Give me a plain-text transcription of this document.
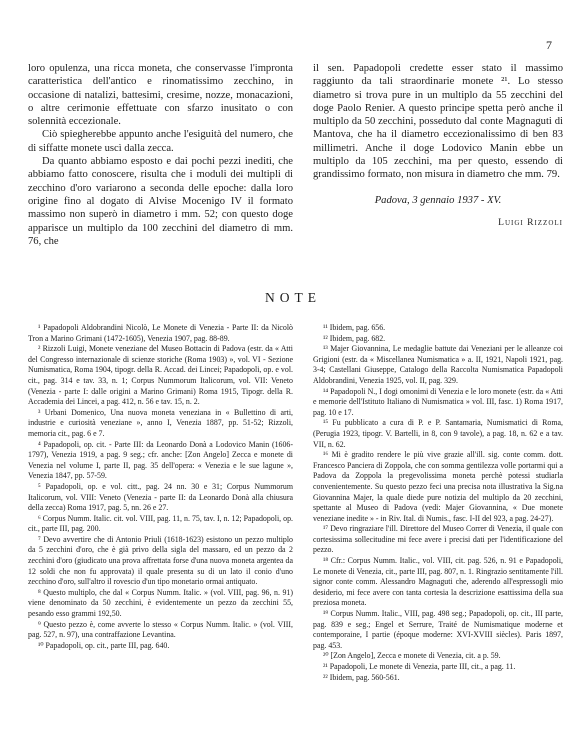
7

loro opulenza, una ricca moneta, che conservasse l'impronta caratteristica dell'antico e rinomatissimo zecchino, in occasione di natalizi, battesimi, cresime, nozze, monacazioni, o altre cerimonie effettuate con sfarzo inusitato o con solennità eccezionale.

Ciò spiegherebbe appunto anche l'esiguità del numero, che di siffatte monete uscì dalla zecca.

Da quanto abbiamo esposto e dai pochi pezzi inediti, che abbiamo fatto conoscere, risulta che i moduli dei multipli di zecchino d'oro variarono a seconda delle epoche: dalla loro origine fino al dogato di Alvise Mocenigo IV il formato massimo non superò in diametro i mm. 52; con questo doge apparisce un multiplo da 100 zecchini del diametro di mm. 76, che

il sen. Papadopoli credette esser stato il massimo raggiunto da tali straordinarie monete ²¹. Lo stesso diametro si trova pure in un multiplo da 55 zecchini del doge Paolo Renier. A questo principe spetta però anche il multiplo da 50 zecchini, posseduto dal conte Magnaguti di Mantova, che ha il diametro eccezionalissimo di ben 83 millimetri. Anche il doge Lodovico Manin ebbe un multiplo da 105 zecchini, ma per questo, essendo di grandissimo formato, non misura in diametro che mm. 79.

Padova, 3 gennaio 1937 - XV.
Luigi Rizzoli
NOTE

¹ Papadopoli Aldobrandini Nicolò, Le Monete di Venezia - Parte II: da Nicolò Tron a Marino Grimani (1472-1605), Venezia 1907, pag. 88-89.

² Rizzoli Luigi, Monete veneziane del Museo Bottacin di Padova (estr. da « Atti del Congresso internazionale di scienze storiche (Roma 1903) », vol. VI - Sezione Numismatica, Roma 1904, tipogr. della R. Accad. dei Lincei; Papadopoli, op. e vol. cit., pag. 314 e tav. 33, n. 1; Corpus Nummorum Italicorum, vol. VII: Veneto (Venezia - parte I: dalle origini a Marino Grimani) Roma 1915, Tipogr. della R. Accademia dei Lincei, a pag. 412, n. 56 e tav. 15, n. 2.

³ Urbani Domenico, Una nuova moneta veneziana in « Bullettino di arti, industrie e curiosità veneziane », anno I, Venezia 1887, pp. 51-52; Rizzoli, memoria cit., pag. 6 e 7.

⁴ Papadopoli, op. cit. - Parte III: da Leonardo Donà a Lodovico Manin (1606-1797), Venezia 1919, a pag. 9 seg.; cfr. anche: [Zon Angelo] Zecca e monete di Venezia nel volume I, parte II, pag. 35 dell'opera: « Venezia e le sue lagune », Venezia 1847, pp. 57-59.

⁵ Papadopoli, op. e vol. citt., pag. 24 nn. 30 e 31; Corpus Nummorum Italicorum, vol. VIII: Veneto (Venezia - parte II: da Leonardo Donà alla chiusura della zecca) Roma 1917, pag. 5, nn. 26 e 27.

⁶ Corpus Numm. Italic. cit. vol. VIII, pag. 11, n. 75, tav. I, n. 12; Papadopoli, op. cit., parte III, pag. 200.

⁷ Devo avvertire che di Antonio Priuli (1618-1623) esistono un pezzo multiplo da 5 zecchini d'oro, che è già privo della sigla del massaro, ed un pezzo da 2 zecchini d'oro (giudicato una prova affrettata forse d'una nuova moneta argentea da 12 soldi che non fu approvata) il quale presenta su di un lato il conio d'uno zecchino d'oro, sull'altro il rovescio d'un tipo monetario ormai antiquato.

⁸ Questo multiplo, che dal « Corpus Numm. Italic. » (vol. VIII, pag. 96, n. 91) viene denominato da 50 zecchini, è evidentemente un pezzo da zecchini 55, pesando esso grammi 192,50.

⁹ Questo pezzo è, come avverte lo stesso « Corpus Numm. Italic. » (vol. VIII, pag. 527, n. 97), una contraffazione Levantina.

¹⁰ Papadopoli, op. cit., parte III, pag. 640.

¹¹ Ibidem, pag. 656.

¹² Ibidem, pag. 682.

¹³ Majer Giovannina, Le medaglie battute dai Veneziani per le alleanze coi Grigioni (estr. da « Miscellanea Numismatica » a. II, 1921, Napoli 1921, pag. 3-4; Castellani Giuseppe, Catalogo della Raccolta Numismatica Papadopoli Aldobrandini, Venezia 1925, vol. II, pag. 329.

¹⁴ Papadopoli N., I dogi omonimi di Venezia e le loro monete (estr. da « Atti e memorie dell'Istituto Italiano di Numismatica » vol. III, fasc. 1) Roma 1917, pag. 10 e 17.

¹⁵ Fu pubblicato a cura di P. e P. Santamaria, Numismatici di Roma, (Perugia 1923, tipogr. V. Bartelli, in 8, con 9 tavole), a pag. 18, n. 62 e a tav. VII, n. 62.

¹⁶ Mi è gradito rendere le più vive grazie all'ill. sig. conte comm. dott. Francesco Panciera di Zoppola, che con somma gentilezza volle portarmi qui a Padova da Zoppola la pregevolissima moneta perchè potessi studiarla convenientemente. Su questo pezzo feci una precisa nota illustrativa la Sig.na Giovannina Majer, la quale diede pure notizia del multiplo da 20 zecchini, spettante al Museo di Padova (vedi: Majer Giovannina, « Due monete veneziane inedite » - in Riv. Ital. di Numis., fasc. I-II del 923, a pag. 24-27).

¹⁷ Devo ringraziare l'ill. Direttore del Museo Correr di Venezia, il quale con cortesissima sollecitudine mi fece avere i precisi dati per l'identificazione del pezzo.

¹⁸ Cfr.: Corpus Numm. Italic., vol. VIII, cit. pag. 526, n. 91 e Papadopoli, Le monete di Venezia, cit., parte III, pag. 807, n. 1. Ringrazio sentitamente l'ill. signor conte comm. Alessandro Magnaguti che, aderendo all'espressogli mio desiderio, mi fece avere con tanta cortesia la descrizione esattissima della sua preziosa moneta.

¹⁹ Corpus Numm. Italic., VIII, pag. 498 seg.; Papadopoli, op. cit., III parte, pag. 839 e seg.; Engel et Serrure, Traité de Numismatique moderne et contemporaine, I partie (époque moderne: XVI-XVIII siècles). Paris 1897, pag. 453.

²⁰ [Zon Angelo], Zecca e monete di Venezia, cit. a p. 59.

²¹ Papadopoli, Le monete di Venezia, parte III, cit., a pag. 11.

²² Ibidem, pag. 560-561.
